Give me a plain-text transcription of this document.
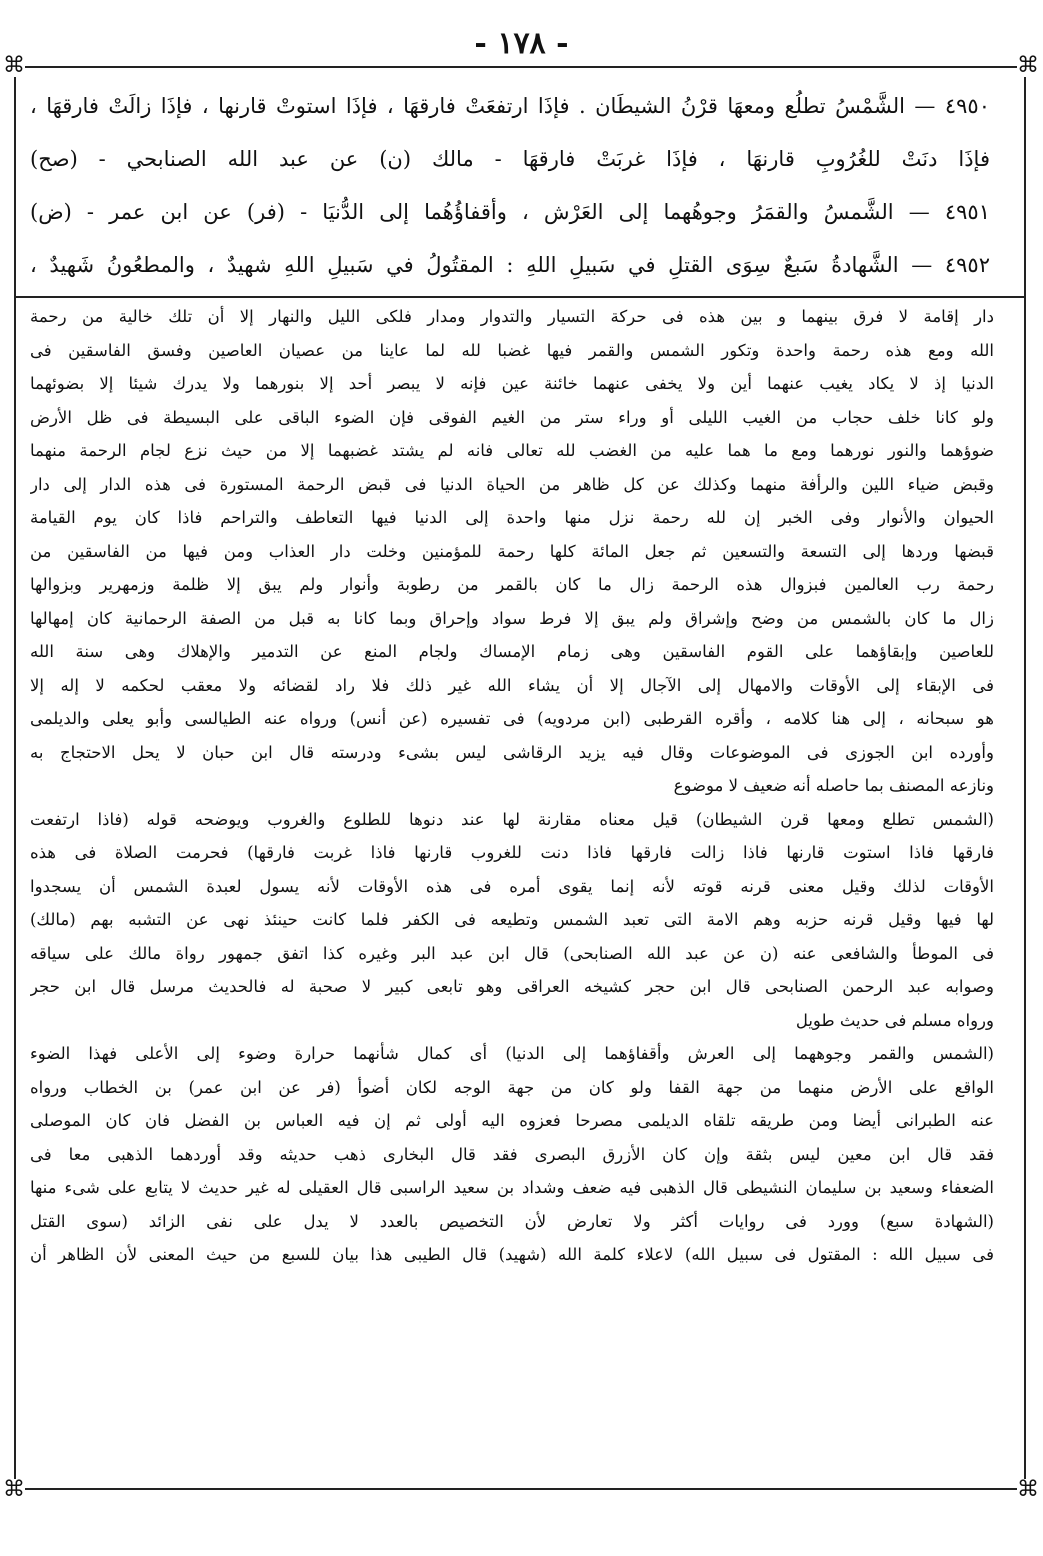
- ١٧٨ -
⌘	⌘
⌘	⌘
٤٩٥٠ — الشَّمْسُ تطلُع ومعهَا قرْنُ الشيطَان . فإذَا ارتفعَتْ فارقهَا ، فإذَا استوتْ قارنها ، فإذَا زالَتْ فارقهَا ،
فإذَا دنَتْ للغُرُوبِ قارنهَا ، فإذَا غربَتْ فارقهَا - مالك (ن) عن عبد الله الصنابحي - (صح)
٤٩٥١ — الشَّمسُ والقمَرُ وجوهُهما إلى العَرْش ، وأقفاؤُهُما إلى الدُّنيَا - (فر) عن ابن عمر - (ض)
٤٩٥٢ — الشَّهادةُ سَبعٌ سِوَى القتلِ في سَبيلِ اللهِ : المقتُولُ في سَبيلِ اللهِ شهيدٌ ، والمطعُونُ شَهيدٌ ،
دار إقامة لا فرق بينهما و بين هذه فى حركة التسيار والتدوار ومدار فلكى الليل والنهار إلا أن تلك خالية من رحمة
الله ومع هذه رحمة واحدة وتكور الشمس والقمر فيها غضبا لله لما عاينا من عصيان العاصين وفسق الفاسقين فى
الدنيا إذ لا يكاد يغيب عنهما أين ولا يخفى عنهما خائنة عين فإنه لا يبصر أحد إلا بنورهما ولا يدرك شيئا إلا بضوئهما
ولو كانا خلف حجاب من الغيب الليلى أو وراء ستر من الغيم الفوقى فإن الضوء الباقى على البسيطة فى ظل الأرض
ضوؤهما والنور نورهما ومع ما هما عليه من الغضب لله تعالى فانه لم يشتد غضبهما إلا من حيث نزع لجام الرحمة منهما
وقبض ضياء اللين والرأفة منهما وكذلك عن كل ظاهر من الحياة الدنيا فى قبض الرحمة المستورة فى هذه الدار إلى دار
الحيوان والأنوار وفى الخبر إن لله رحمة نزل منها واحدة إلى الدنيا فيها التعاطف والتراحم فاذا كان يوم القيامة
قبضها وردها إلى التسعة والتسعين ثم جعل المائة كلها رحمة للمؤمنين وخلت دار العذاب ومن فيها من الفاسقين من
رحمة رب العالمين فبزوال هذه الرحمة زال ما كان بالقمر من رطوبة وأنوار ولم يبق إلا ظلمة وزمهرير وبزوالها
زال ما كان بالشمس من وضح وإشراق ولم يبق إلا فرط سواد وإحراق وبما كانا به قبل من الصفة الرحمانية كان إمهالها
للعاصين وإبقاؤهما على القوم الفاسقين وهى زمام الإمساك ولجام المنع عن التدمير والإهلاك وهى سنة الله
فى الإبقاء إلى الأوقات والامهال إلى الآجال إلا أن يشاء الله غير ذلك فلا راد لقضائه ولا معقب لحكمه لا إله إلا
هو سبحانه ، إلى هنا كلامه ، وأقره القرطبى (ابن مردويه) فى تفسيره (عن أنس) ورواه عنه الطيالسى وأبو يعلى والديلمى
وأورده ابن الجوزى فى الموضوعات وقال فيه يزيد الرقاشى ليس بشىء ودرسته قال ابن حبان لا يحل الاحتجاج به
ونازعه المصنف بما حاصله أنه ضعيف لا موضوع
(الشمس تطلع ومعها قرن الشيطان) قيل معناه مقارنة لها عند دنوها للطلوع والغروب ويوضحه قوله (فاذا ارتفعت
فارقها فاذا استوت قارنها فاذا زالت فارقها فاذا دنت للغروب قارنها فاذا غربت فارقها) فحرمت الصلاة فى هذه
الأوقات لذلك وقيل معنى قرنه قوته لأنه إنما يقوى أمره فى هذه الأوقات لأنه يسول لعبدة الشمس أن يسجدوا
لها فيها وقيل قرنه حزبه وهم الامة التى تعبد الشمس وتطيعه فى الكفر فلما كانت حينئذ نهى عن التشبه بهم (مالك)
فى الموطأ والشافعى عنه (ن عن عبد الله الصنابحى) قال ابن عبد البر وغيره كذا اتفق جمهور رواة مالك على سياقه
وصوابه عبد الرحمن الصنابحى قال ابن حجر كشيخه العراقى وهو تابعى كبير لا صحبة له فالحديث مرسل قال ابن حجر
ورواه مسلم فى حديث طويل
(الشمس والقمر وجوههما إلى العرش وأقفاؤهما إلى الدنيا) أى كمال شأنهما حرارة وضوء إلى الأعلى فهذا الضوء
الواقع على الأرض منهما من جهة القفا ولو كان من جهة الوجه لكان أضوأ (فر عن ابن عمر) بن الخطاب ورواه
عنه الطبرانى أيضا ومن طريقه تلقاه الديلمى مصرحا فعزوه اليه أولى ثم إن فيه العباس بن الفضل فان كان الموصلى
فقد قال ابن معين ليس بثقة وإن كان الأزرق البصرى فقد قال البخارى ذهب حديثه وقد أوردهما الذهبى معا فى
الضعفاء وسعيد بن سليمان النشيطى قال الذهبى فيه ضعف وشداد بن سعيد الراسبى قال العقيلى له غير حديث لا يتابع على شىء منها
(الشهادة سبع) وورد فى روايات أكثر ولا تعارض لأن التخصيص بالعدد لا يدل على نفى الزائد (سوى القتل
فى سبيل الله : المقتول فى سبيل الله) لاعلاء كلمة الله (شهيد) قال الطيبى هذا بيان للسبع من حيث المعنى لأن الظاهر أن
